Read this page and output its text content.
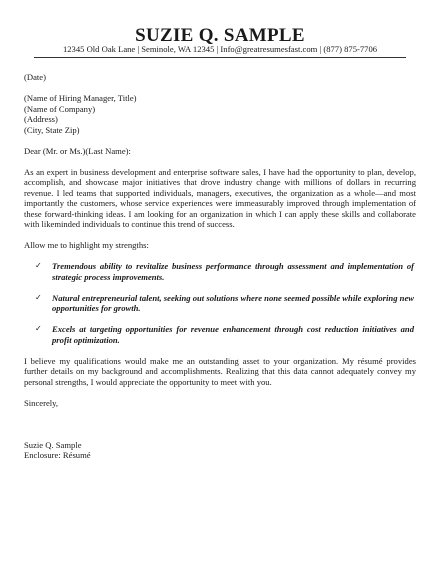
SUZIE Q. SAMPLE
12345 Old Oak Lane | Seminole, WA 12345 | Info@greatresumesfast.com | (877) 875-7706
(Date)
(Name of Hiring Manager, Title)
(Name of Company)
(Address)
(City, State Zip)
Dear (Mr. or Ms.)(Last Name):

As an expert in business development and enterprise software sales, I have had the opportunity to plan, develop, accomplish, and showcase major initiatives that drove industry change with millions of dollars in recurring revenue. I led teams that supported individuals, managers, executives, the organization as a whole—and most importantly the customers, whose service experiences were immeasurably improved through implementation of these forward-thinking ideas. I am looking for an organization in which I can apply these skills and collaborate with likeminded individuals to continue this trend of success.

Allow me to highlight my strengths:
✓ Tremendous ability to revitalize business performance through assessment and implementation of strategic process improvements.
✓ Natural entrepreneurial talent, seeking out solutions where none seemed possible while exploring new opportunities for growth.
✓ Excels at targeting opportunities for revenue enhancement through cost reduction initiatives and profit optimization.

I believe my qualifications would make me an outstanding asset to your organization. My résumé provides further details on my background and accomplishments. Realizing that this data cannot adequately convey my personal strengths, I would appreciate the opportunity to meet with you.

Sincerely,
Suzie Q. Sample
Enclosure: Résumé
